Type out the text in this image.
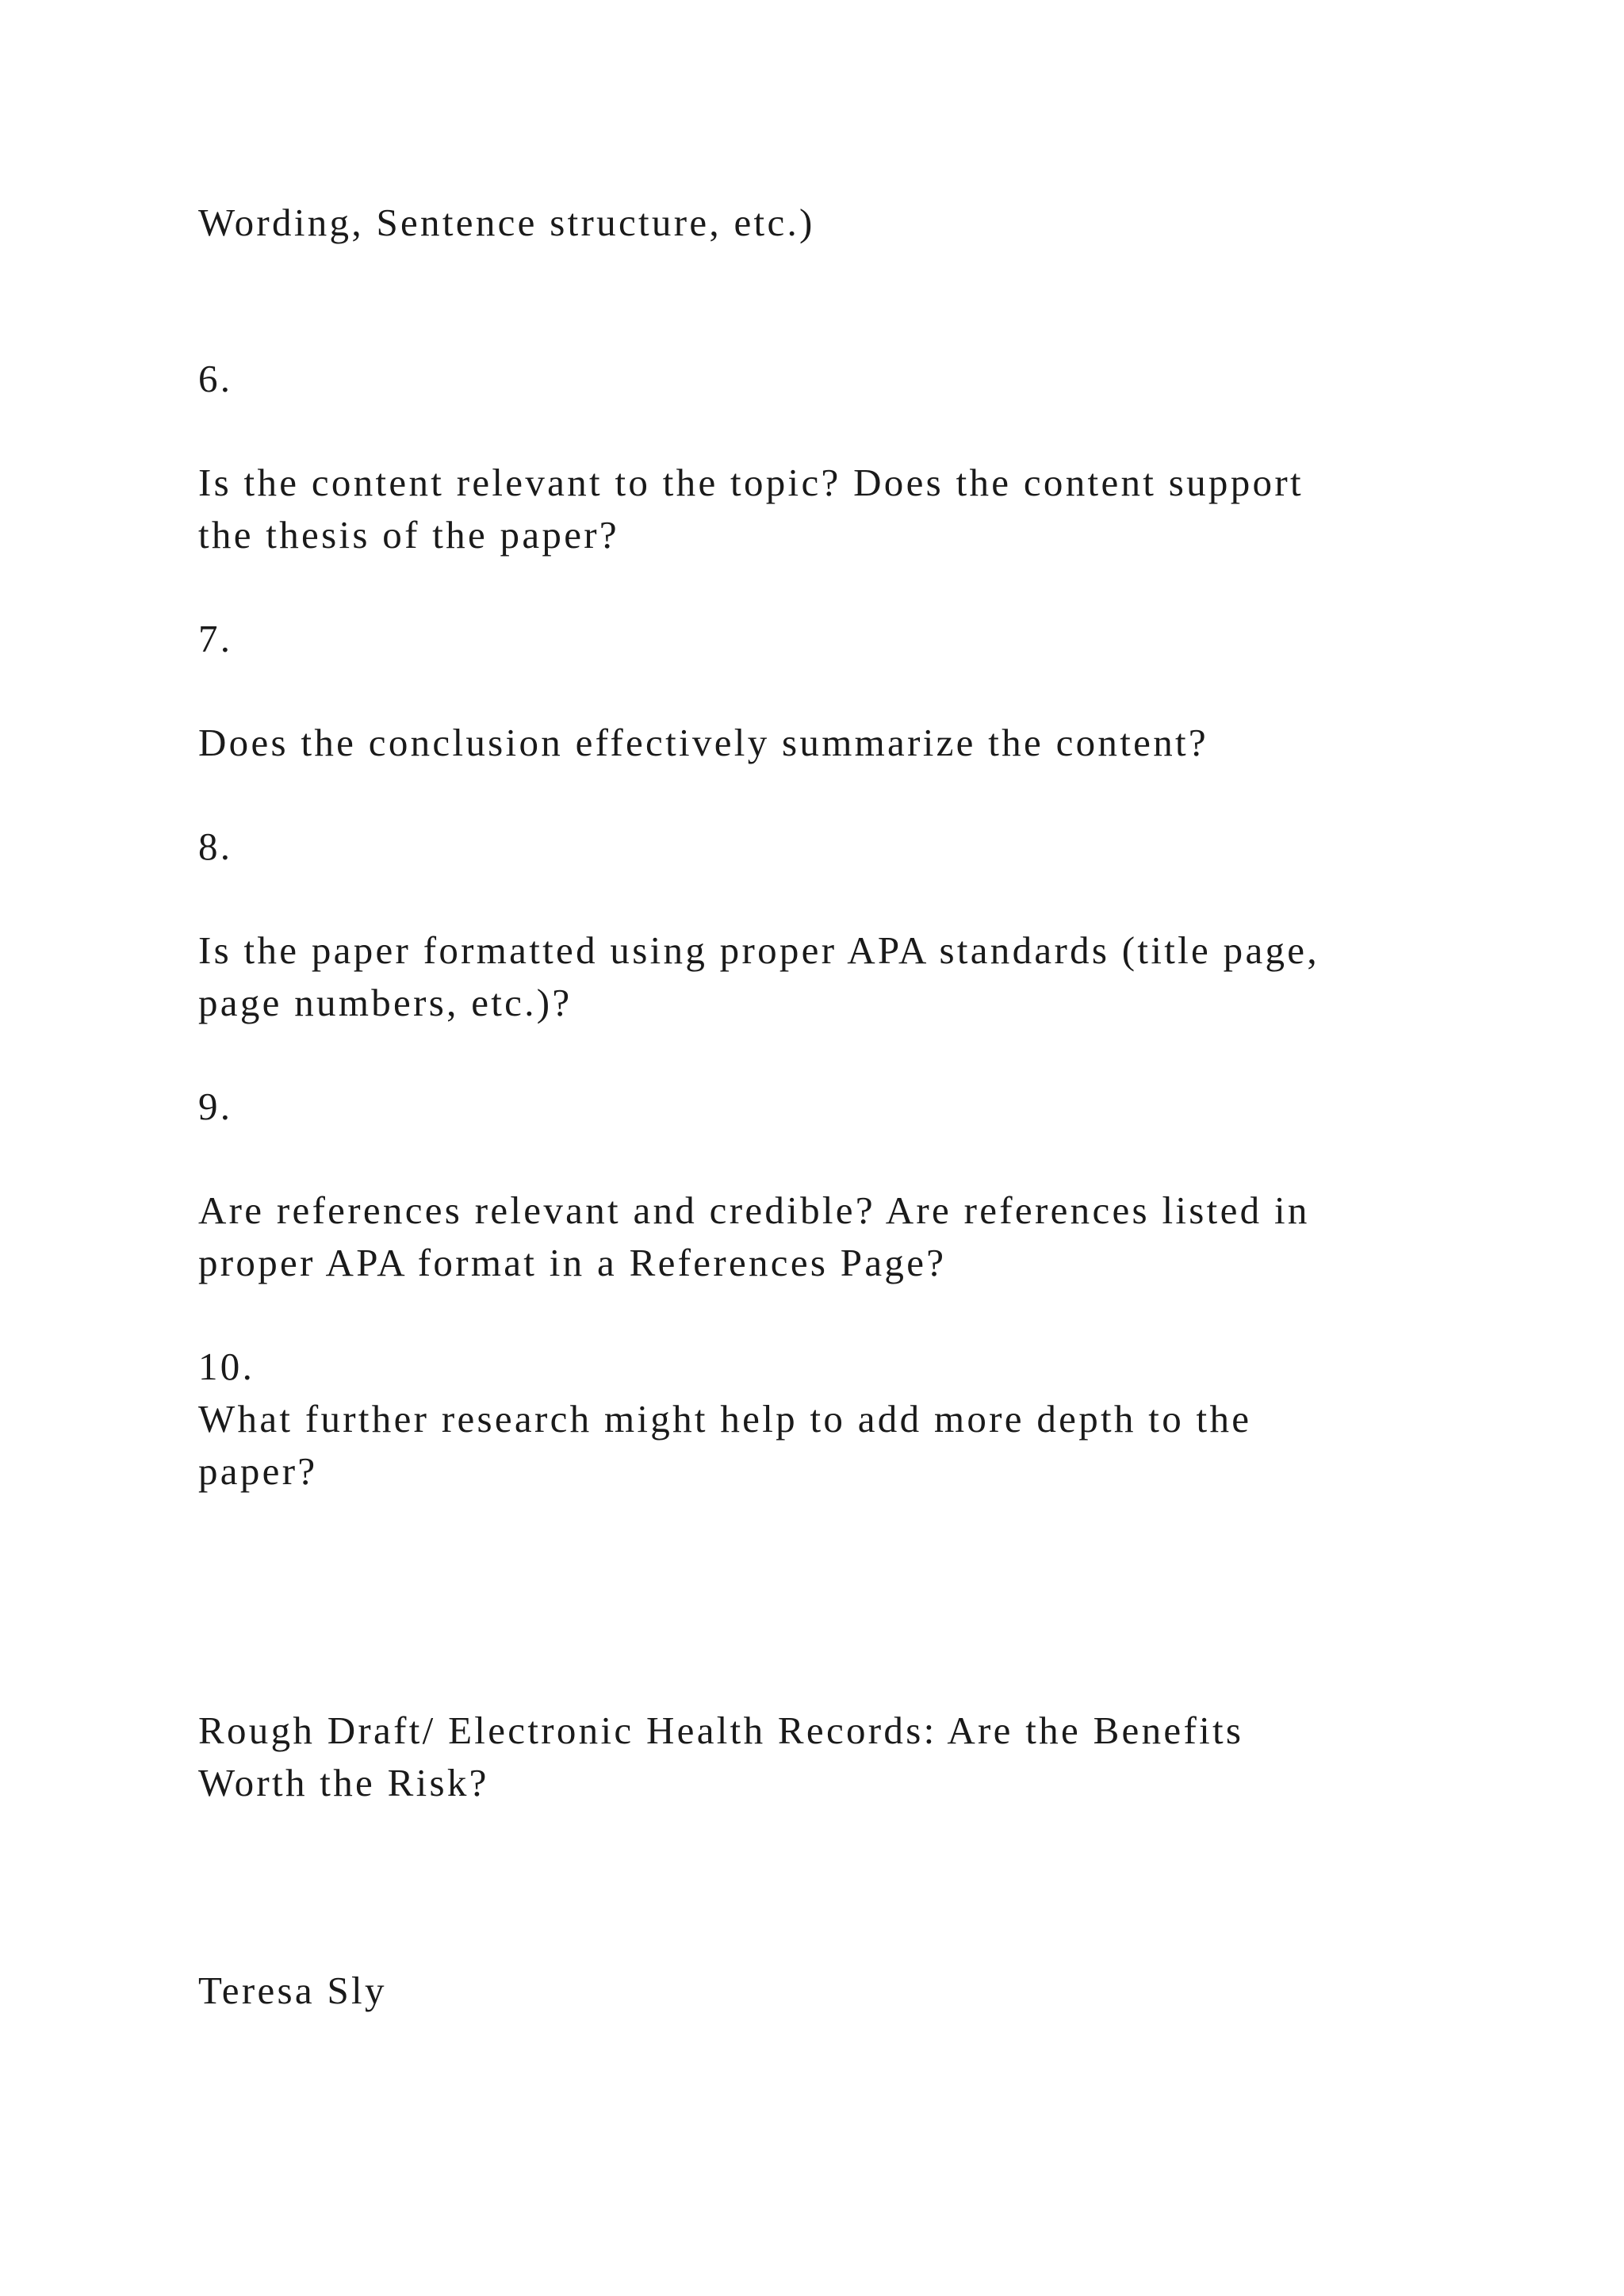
Wording, Sentence structure, etc.)

6.

Is the content relevant to the topic? Does the content support

the thesis of the paper?

7.

Does the conclusion effectively summarize the content?

8.

Is the paper formatted using proper APA standards (title page,

page numbers, etc.)?

9.

Are references relevant and credible? Are references listed in

proper APA format in a References Page?

10.

What further research might help to add more depth to the

paper?

Rough Draft/ Electronic Health Records: Are the Benefits

Worth the Risk?

Teresa Sly
